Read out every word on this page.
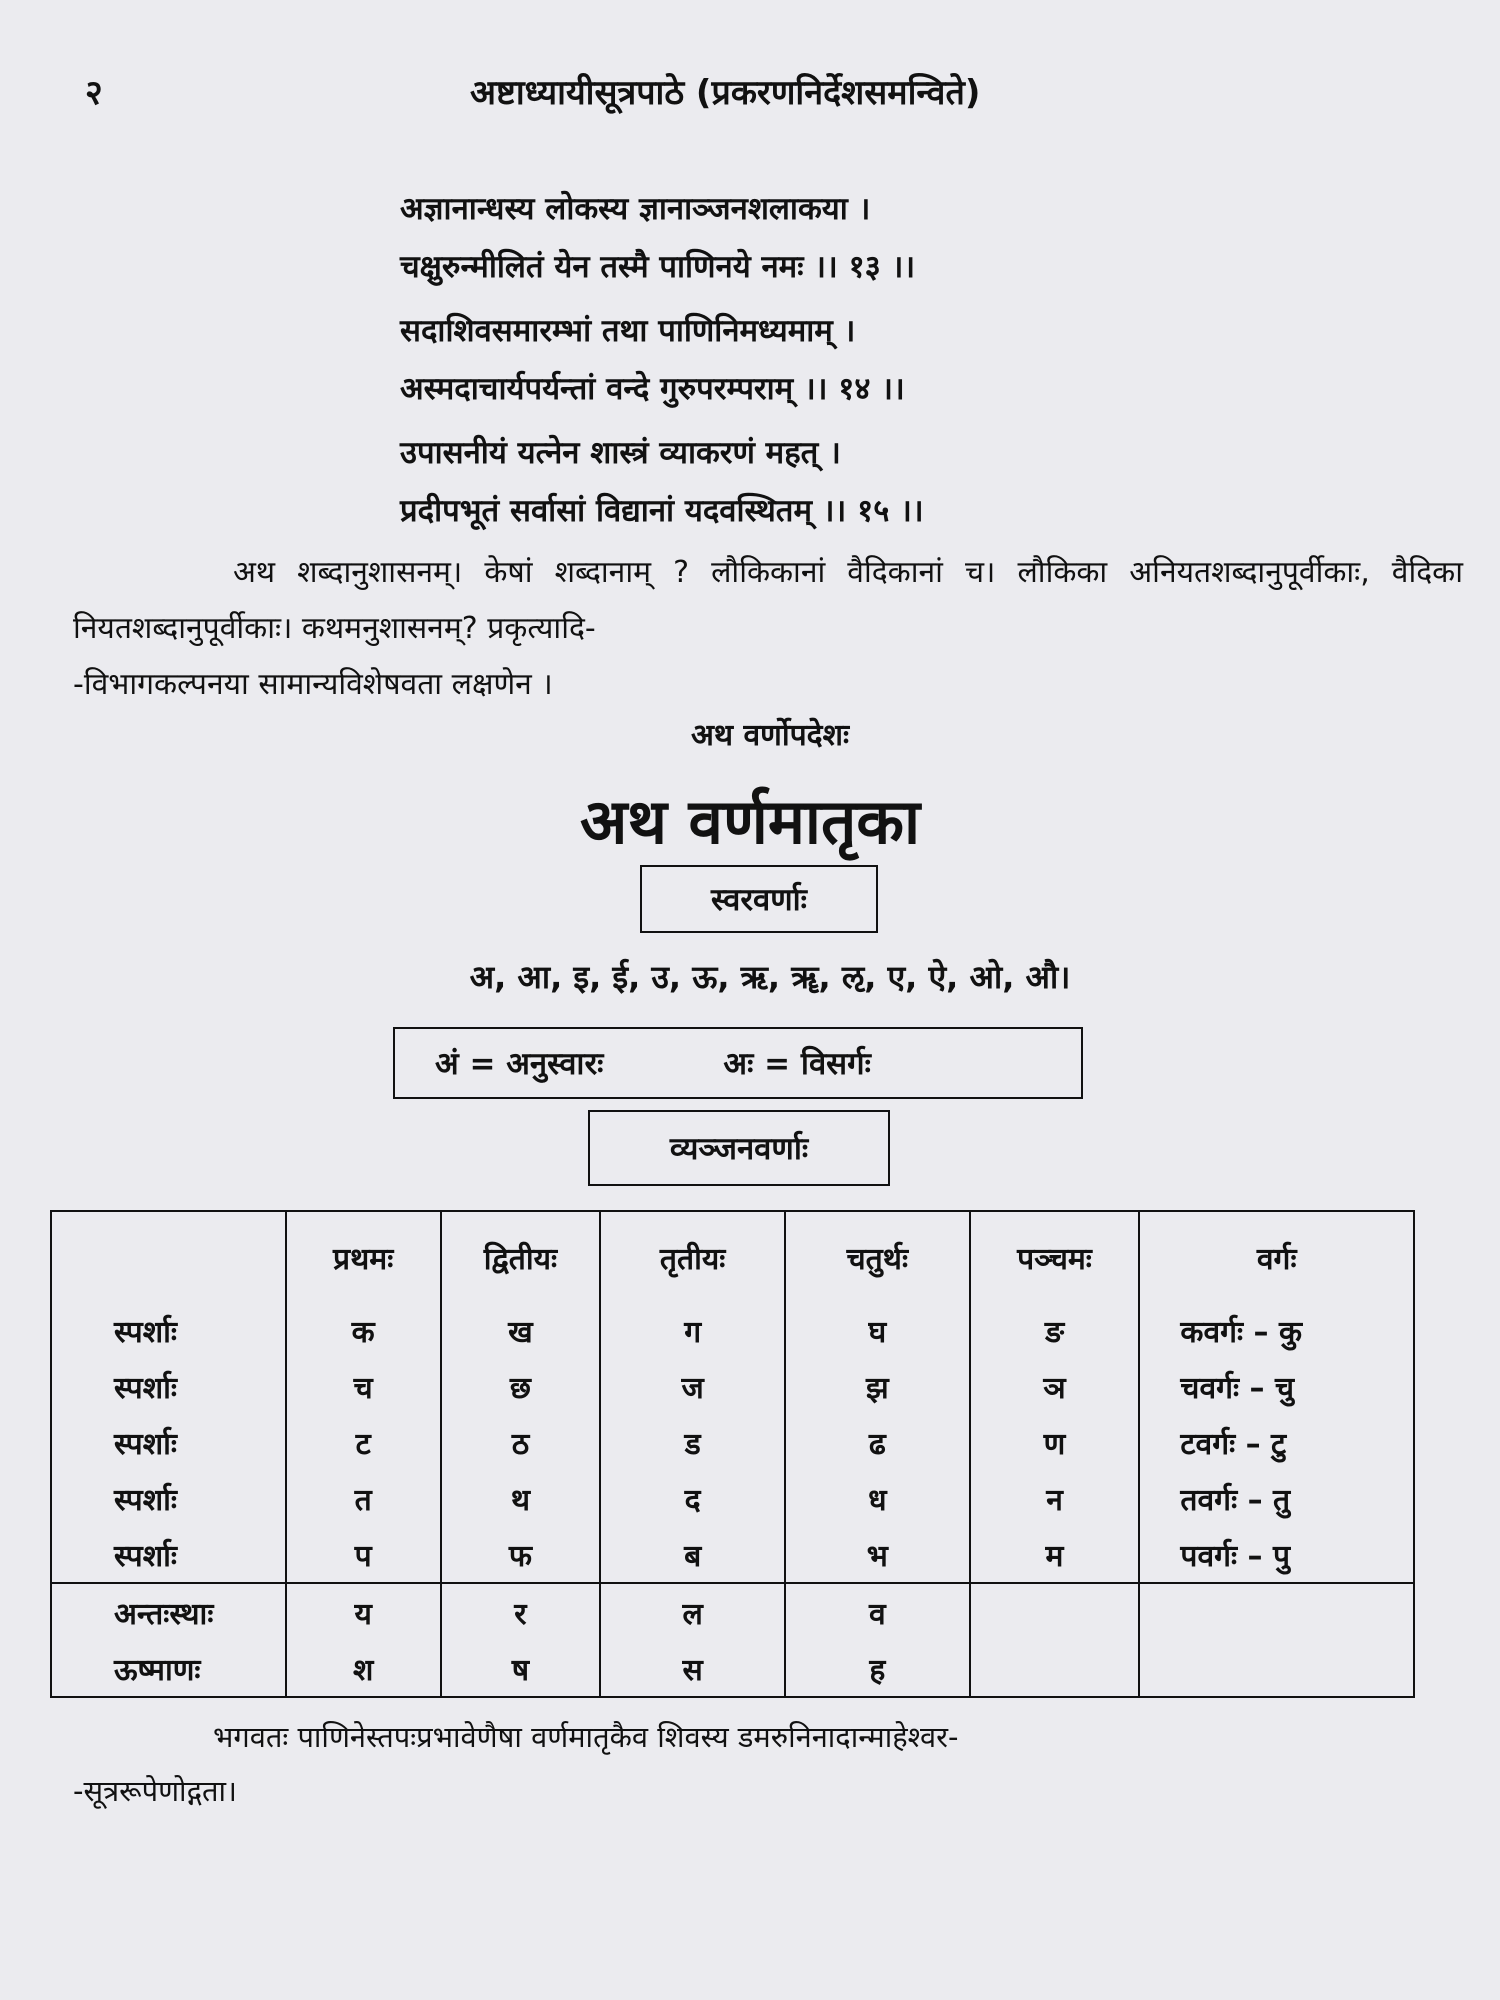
२	अष्टाध्यायीसूत्रपाठे (प्रकरणनिर्देशसमन्विते)
अज्ञानान्धस्य लोकस्य ज्ञानाञ्जनशलाकया ।
चक्षुरुन्मीलितं येन तस्मै पाणिनये नमः ।। १३ ।।
सदाशिवसमारम्भां तथा पाणिनिमध्यमाम् ।
अस्मदाचार्यपर्यन्तां वन्दे गुरुपरम्पराम् ।। १४ ।।
उपासनीयं यत्नेन शास्त्रं व्याकरणं महत् ।
प्रदीपभूतं सर्वासां विद्यानां यदवस्थितम् ।। १५ ।।

अथ शब्दानुशासनम्। केषां शब्दानाम् ? लौकिकानां वैदिकानां च। लौकिका अनियतशब्दानुपूर्वीकाः, वैदिका नियतशब्दानुपूर्वीकाः। कथमनुशासनम्? प्रकृत्यादि-

-विभागकल्पनया सामान्यविशेषवता लक्षणेन ।

अथ वर्णोपदेशः
अथ वर्णमातृका
स्वरवर्णाः
अ, आ, इ, ई, उ, ऊ, ऋ, ॠ, ऌ, ए, ऐ, ओ, औ।
अं = अनुस्वारः	अः = विसर्गः
व्यञ्जनवर्णाः
	प्रथमः	द्वितीयः	तृतीयः	चतुर्थः	पञ्चमः	वर्गः
स्पर्शाः	क	ख	ग	घ	ङ	कवर्गः – कु
स्पर्शाः	च	छ	ज	झ	ञ	चवर्गः – चु
स्पर्शाः	ट	ठ	ड	ढ	ण	टवर्गः – टु
स्पर्शाः	त	थ	द	ध	न	तवर्गः – तु
स्पर्शाः	प	फ	ब	भ	म	पवर्गः – पु
अन्तःस्थाः	य	र	ल	व		
ऊष्माणः	श	ष	स	ह		

भगवतः पाणिनेस्तपःप्रभावेणैषा वर्णमातृकैव शिवस्य डमरुनिनादान्माहेश्वर-

-सूत्ररूपेणोद्गता।
